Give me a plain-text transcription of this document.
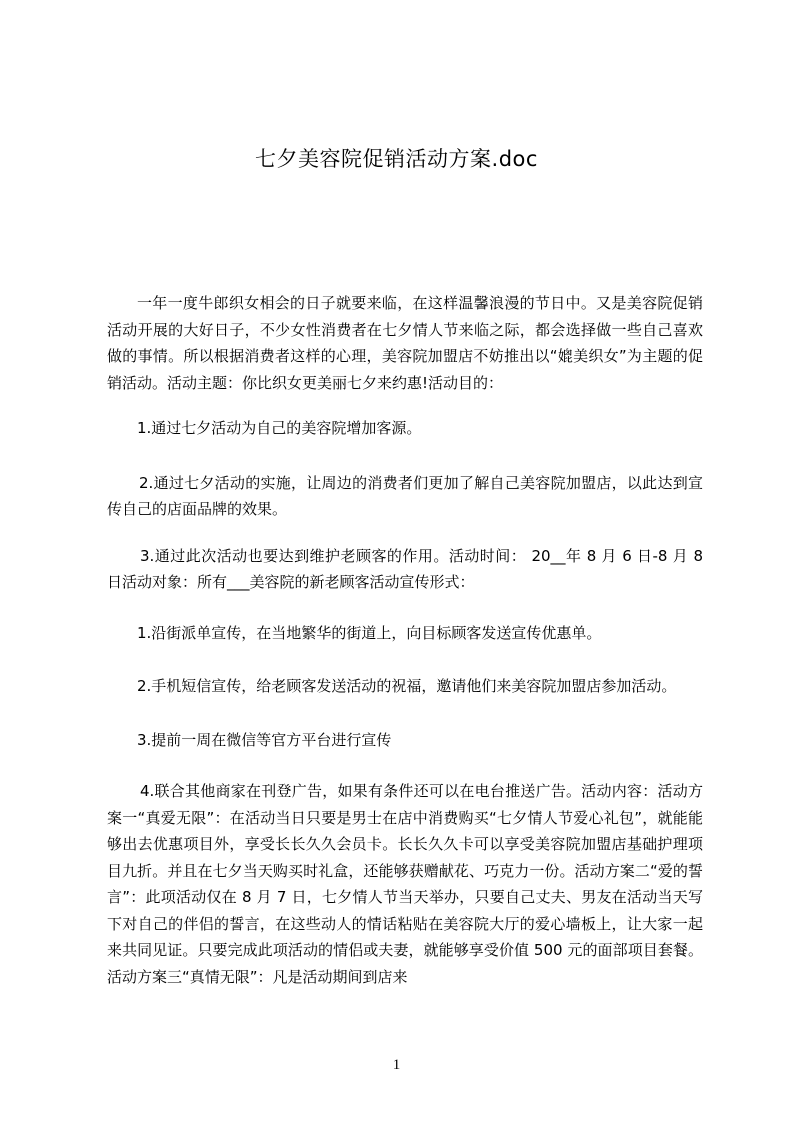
七夕美容院促销活动方案.doc

一年一度牛郎织女相会的日子就要来临，在这样温馨浪漫的节日中。又是美容院促销活动开展的大好日子，不少女性消费者在七夕情人节来临之际，都会选择做一些自己喜欢做的事情。所以根据消费者这样的心理，美容院加盟店不妨推出以“媲美织女”为主题的促销活动。活动主题：你比织女更美丽七夕来约惠!活动目的：

1.通过七夕活动为自己的美容院增加客源。

2.通过七夕活动的实施，让周边的消费者们更加了解自己美容院加盟店，以此达到宣传自己的店面品牌的效果。

3.通过此次活动也要达到维护老顾客的作用。活动时间： 20__年 8 月 6 日-8 月 8 日活动对象：所有___美容院的新老顾客活动宣传形式：

1.沿街派单宣传，在当地繁华的街道上，向目标顾客发送宣传优惠单。

2.手机短信宣传，给老顾客发送活动的祝福，邀请他们来美容院加盟店参加活动。

3.提前一周在微信等官方平台进行宣传

4.联合其他商家在刊登广告，如果有条件还可以在电台推送广告。活动内容：活动方案一“真爱无限”：在活动当日只要是男士在店中消费购买“七夕情人节爱心礼包”，就能能够出去优惠项目外，享受长长久久会员卡。长长久久卡可以享受美容院加盟店基础护理项目九折。并且在七夕当天购买时礼盒，还能够获赠献花、巧克力一份。活动方案二“爱的誓言”：此项活动仅在 8 月 7 日，七夕情人节当天举办，只要自己丈夫、男友在活动当天写下对自己的伴侣的誓言，在这些动人的情话粘贴在美容院大厅的爱心墙板上，让大家一起来共同见证。只要完成此项活动的情侣或夫妻，就能够享受价值 500 元的面部项目套餐。活动方案三“真情无限”：凡是活动期间到店来

1
